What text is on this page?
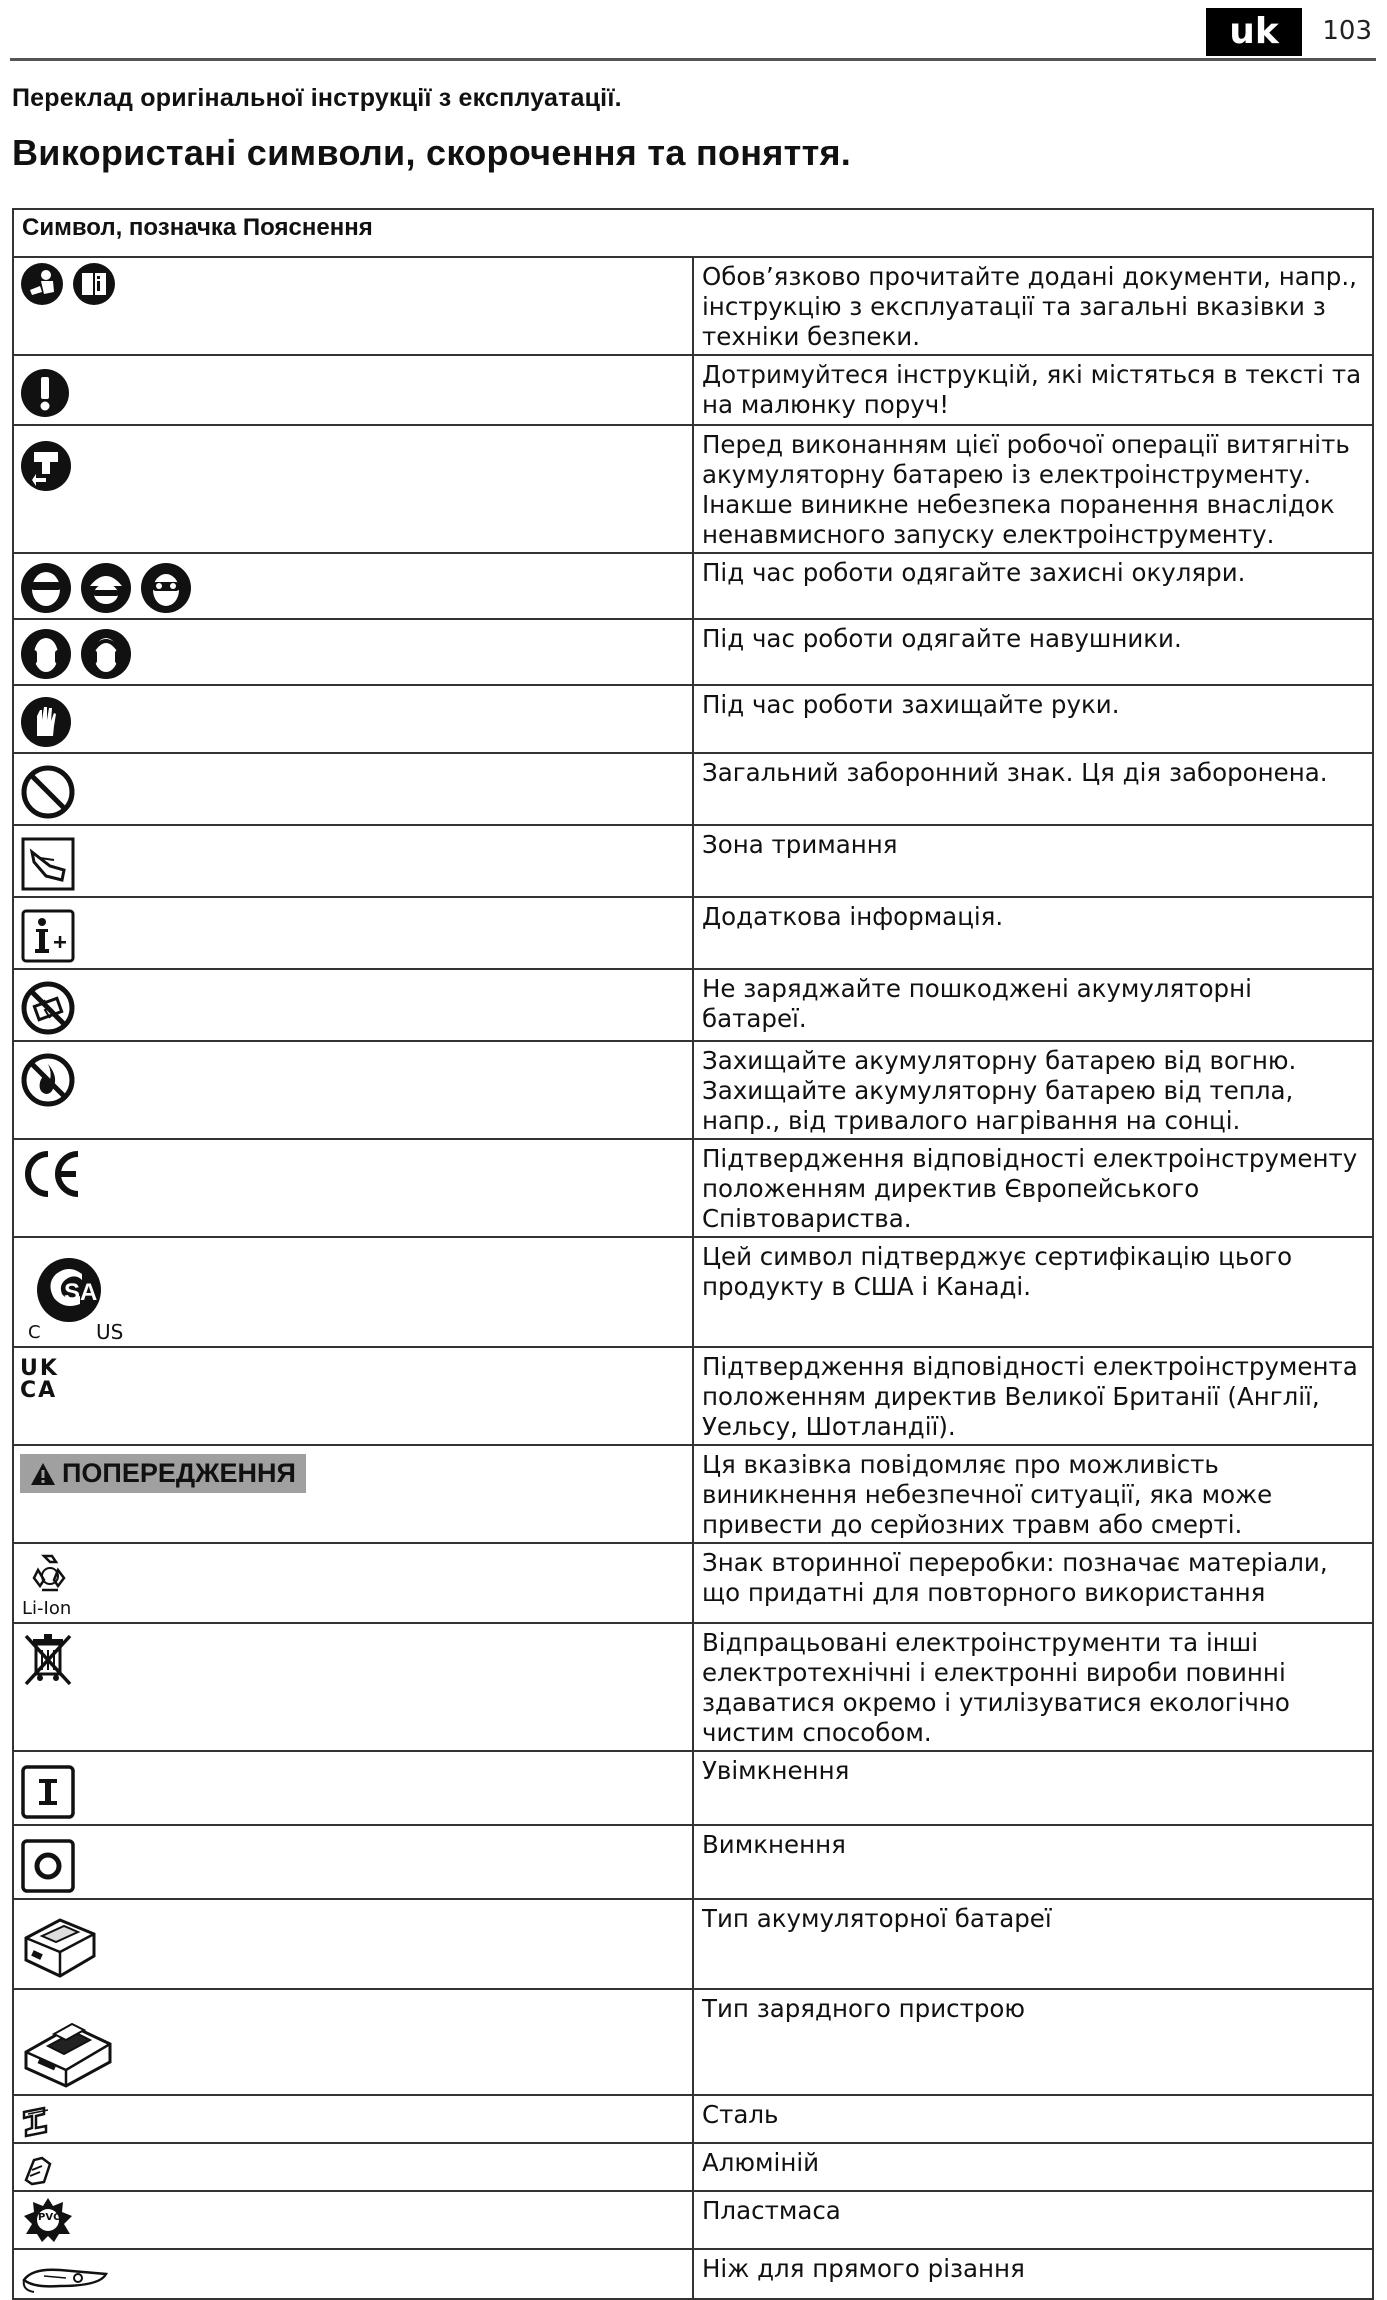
uk	103
Переклад оригінальної інструкції з експлуатації.
Використані символи, скорочення та поняття.
Символ, позначка Пояснення	

	Обов’язково прочитайте додані документи, напр., інструкцію з експлуатації та загальні вказівки з техніки безпеки.

	Дотримуйтеся інструкцій, які містяться в тексті та на малюнку поруч!

	Перед виконанням цієї робочої операції витягніть акумуляторну батарею із електроінструменту. Інакше виникне небезпека поранення внаслідок ненавмисного запуску електроінструменту.

	Під час роботи одягайте захисні окуляри.

	Під час роботи одягайте навушники.

	Під час роботи захищайте руки.

	Загальний заборонний знак. Ця дія заборонена.

	Зона тримання

	Додаткова інформація.

	Не заряджайте пошкоджені акумуляторні батареї.

	Захищайте акумуляторну батарею від вогню. Захищайте акумуляторну батарею від тепла, напр., від тривалого нагрівання на сонці.

	Підтвердження відповідності електроінструменту положенням директив Європейського Співтовариства.

SA
C US	Цей символ підтверджує сертифікацію цього продукту в США і Канаді.

UK
CA	Підтвердження відповідності електроінструмента положенням директив Великої Британії (Англії, Уельсу, Шотландії).

ПОПЕРЕДЖЕННЯ	Ця вказівка повідомляє про можливість виникнення небезпечної ситуації, яка може привести до серйозних травм або смерті.

Li-Ion	Знак вторинної переробки: позначає матеріали, що придатні для повторного використання

	Відпрацьовані електроінструменти та інші електротехнічні і електронні вироби повинні здаватися окремо і утилізуватися екологічно чистим способом.

	Увімкнення

	Вимкнення

	Тип акумуляторної батареї

	Тип зарядного пристрою

	Сталь

	Алюміній

PVC	Пластмаса

	Ніж для прямого різання
